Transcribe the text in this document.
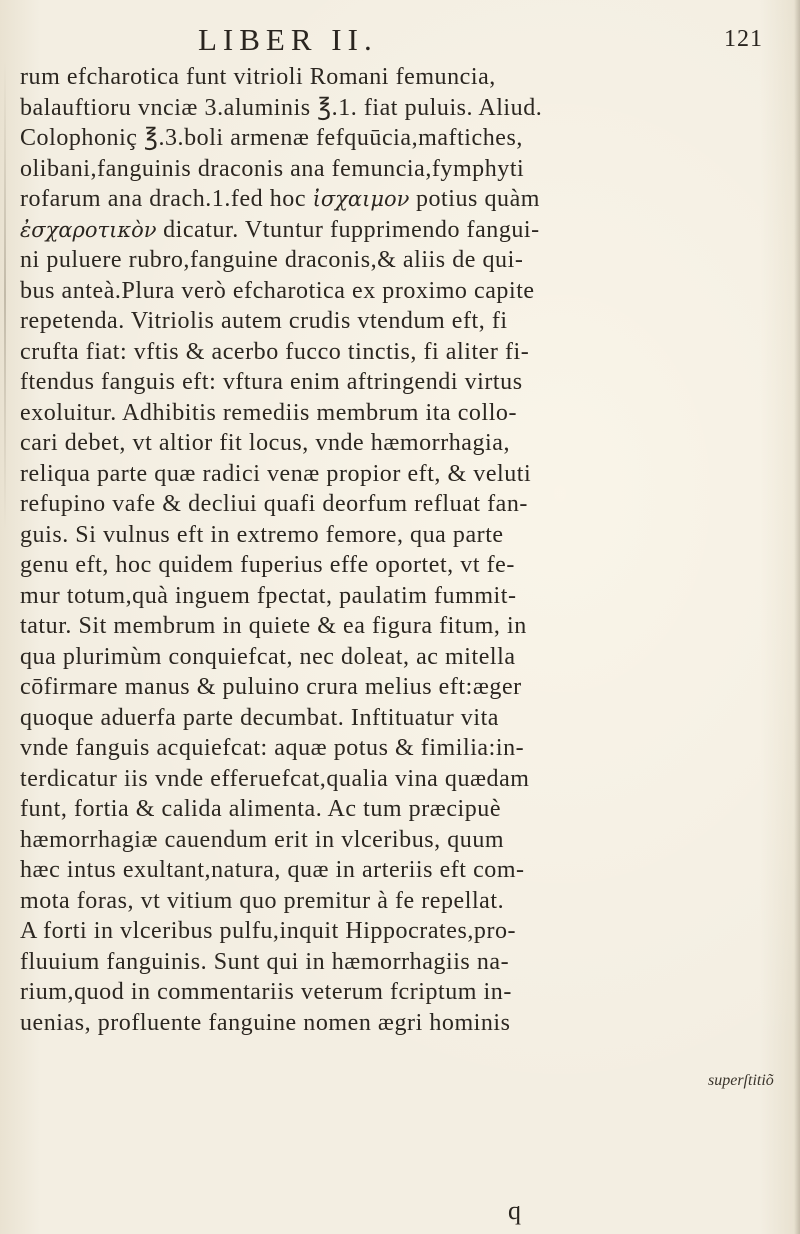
LIBER II.	121
rum efcharotica funt vitrioli Romani femuncia,
balauftioru vnciæ 3.aluminis ℥.1. fiat puluis. Aliud.
Colophoniç ℥.3.boli armenæ fefquūcia,maftiches,
olibani,fanguinis draconis ana femuncia,fymphyti
rofarum ana drach.1.fed hoc ἰσχαιμον potius quàm
ἐσχαροτικὸν dicatur. Vtuntur fupprimendo fangui-
ni puluere rubro,fanguine draconis,& aliis de qui-
bus anteà.Plura verò efcharotica ex proximo capite
repetenda. Vitriolis autem crudis vtendum eft, fi
crufta fiat: vftis & acerbo fucco tinctis, fi aliter fi-
ftendus fanguis eft: vftura enim aftringendi virtus
exoluitur. Adhibitis remediis membrum ita collo-
cari debet, vt altior fit locus, vnde hæmorrhagia,
reliqua parte quæ radici venæ propior eft, & veluti
refupino vafe & decliui quafi deorfum refluat fan-
guis. Si vulnus eft in extremo femore, qua parte
genu eft, hoc quidem fuperius effe oportet, vt fe-
mur totum,quà inguem fpectat, paulatim fummit-
tatur. Sit membrum in quiete & ea figura fitum, in
qua plurimùm conquiefcat, nec doleat, ac mitella
cōfirmare manus & puluino crura melius eft:æger
quoque aduerfa parte decumbat. Inftituatur vita
vnde fanguis acquiefcat: aquæ potus & fimilia:in-
terdicatur iis vnde efferuefcat,qualia vina quædam
funt, fortia & calida alimenta. Ac tum præcipuè
hæmorrhagiæ cauendum erit in vlceribus, quum
hæc intus exultant,natura, quæ in arteriis eft com-
mota foras, vt vitium quo premitur à fe repellat.
A forti in vlceribus pulfu,inquit Hippocrates,pro-
fluuium fanguinis. Sunt qui in hæmorrhagiis na-
rium,quod in commentariis veterum fcriptum in-
uenias, profluente fanguine nomen ægri hominis
superſtitiõ
q
